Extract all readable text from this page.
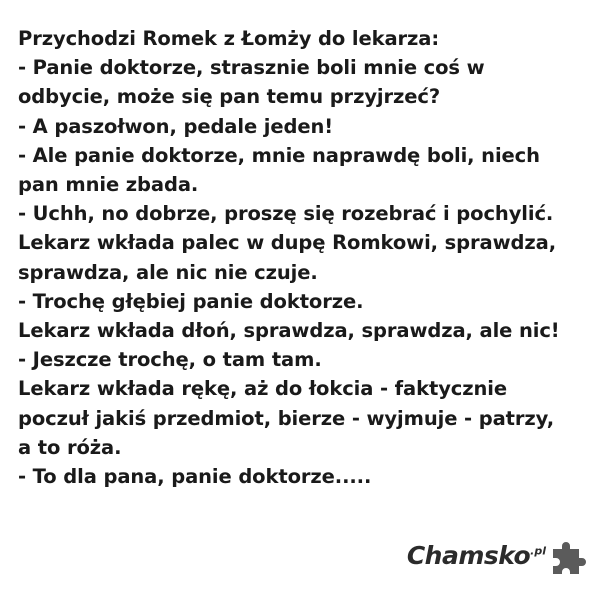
Przychodzi Romek z Łomży do lekarza:
- Panie doktorze, strasznie boli mnie coś w
odbycie, może się pan temu przyjrzeć?
- A paszołwon, pedale jeden!
- Ale panie doktorze, mnie naprawdę boli, niech
pan mnie zbada.
- Uchh, no dobrze, proszę się rozebrać i pochylić.
Lekarz wkłada palec w dupę Romkowi, sprawdza,
sprawdza, ale nic nie czuje.
- Trochę głębiej panie doktorze.
Lekarz wkłada dłoń, sprawdza, sprawdza, ale nic!
- Jeszcze trochę, o tam tam.
Lekarz wkłada rękę, aż do łokcia - faktycznie
poczuł jakiś przedmiot, bierze - wyjmuje - patrzy,
a to róża.
- To dla pana, panie doktorze.....
Chamsko$^{.pl}$
